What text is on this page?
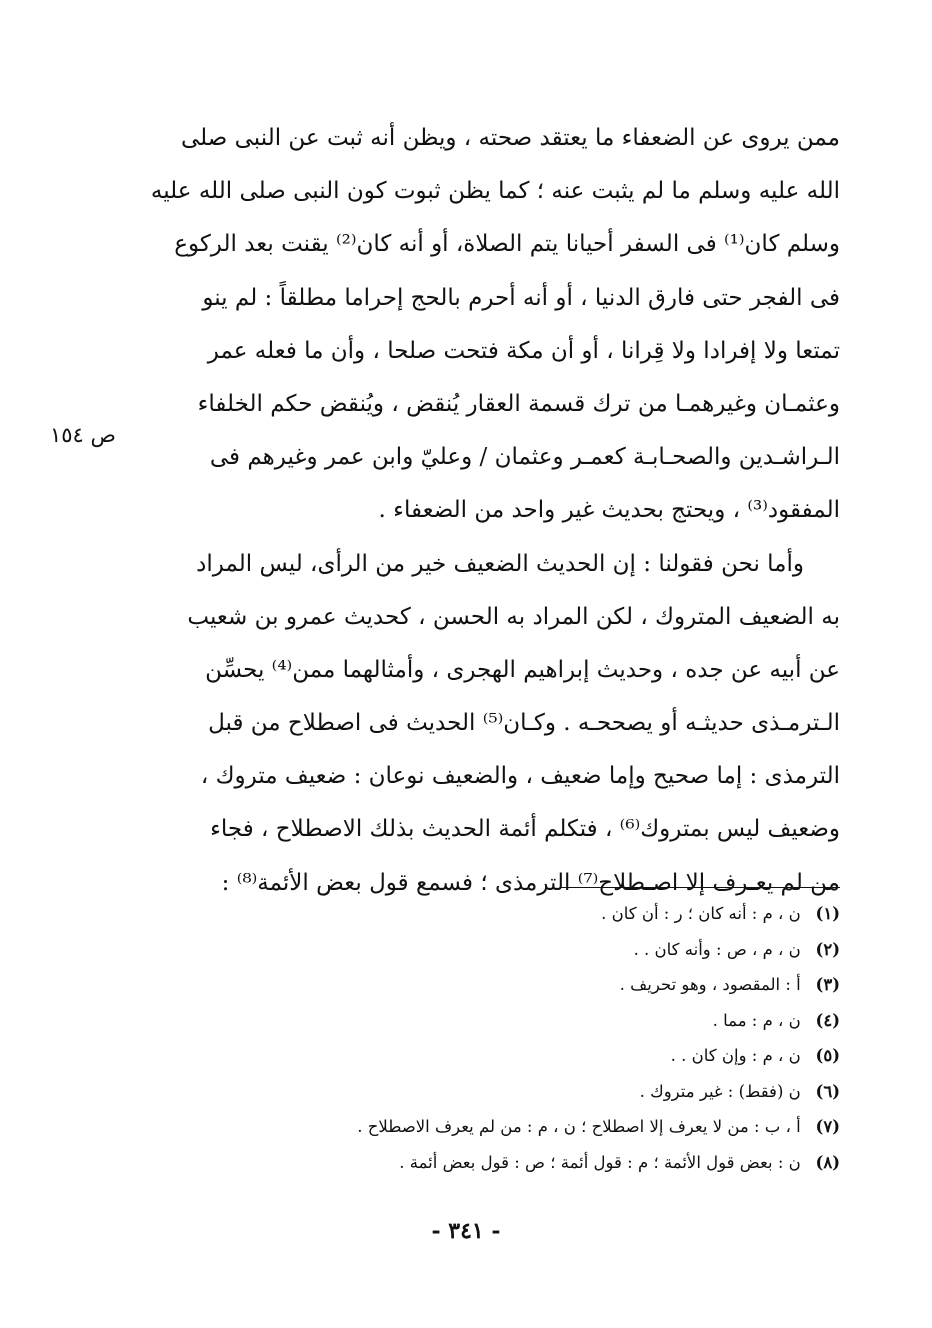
ممن يروى عن الضعفاء ما يعتقد صحته ، ويظن أنه ثبت عن النبى صلى
الله عليه وسلم ما لم يثبت عنه ؛ كما يظن ثبوت كون النبى صلى الله عليه
وسلم كان⁽¹⁾ فى السفر أحيانا يتم الصلاة، أو أنه كان⁽²⁾ يقنت بعد الركوع
فى الفجر حتى فارق الدنيا ، أو أنه أحرم بالحج إحراما مطلقاً : لم ينو
تمتعا ولا إفرادا ولا قِرانا ، أو أن مكة فتحت صلحا ، وأن ما فعله عمر
وعثمـان وغيرهمـا من ترك قسمة العقار يُنقض ، ويُنقض حكم الخلفاء
الـراشـدين والصحـابـة كعمـر وعثمان / وعليّ وابن عمر وغيرهم فى
المفقود⁽³⁾ ، ويحتج بحديث غير واحد من الضعفاء .
وأما نحن فقولنا : إن الحديث الضعيف خير من الرأى، ليس المراد
به الضعيف المتروك ، لكن المراد به الحسن ، كحديث عمرو بن شعيب
عن أبيه عن جده ، وحديث إبراهيم الهجرى ، وأمثالهما ممن⁽⁴⁾ يحسِّن
الـترمـذى حديثـه أو يصححـه . وكـان⁽⁵⁾ الحديث فى اصطلاح من قبل
الترمذى : إما صحيح وإما ضعيف ، والضعيف نوعان : ضعيف متروك ،
وضعيف ليس بمتروك⁽⁶⁾ ، فتكلم أئمة الحديث بذلك الاصطلاح ، فجاء
من لم يعـرف إلا اصـطلاح⁽⁷⁾ الترمذى ؛ فسمع قول بعض الأئمة⁽⁸⁾ :
ص ١٥٤
(١) ن ، م : أنه كان ؛ ر : أن كان .
(٢) ن ، م ، ص : وأنه كان . .
(٣) أ : المقصود ، وهو تحريف .
(٤) ن ، م : مما .
(٥) ن ، م : وإن كان . .
(٦) ن (فقط) : غير متروك .
(٧) أ ، ب : من لا يعرف إلا اصطلاح ؛ ن ، م : من لم يعرف الاصطلاح .
(٨) ن : بعض قول الأئمة ؛ م : قول أئمة ؛ ص : قول بعض أئمة .
- ٣٤١ -
